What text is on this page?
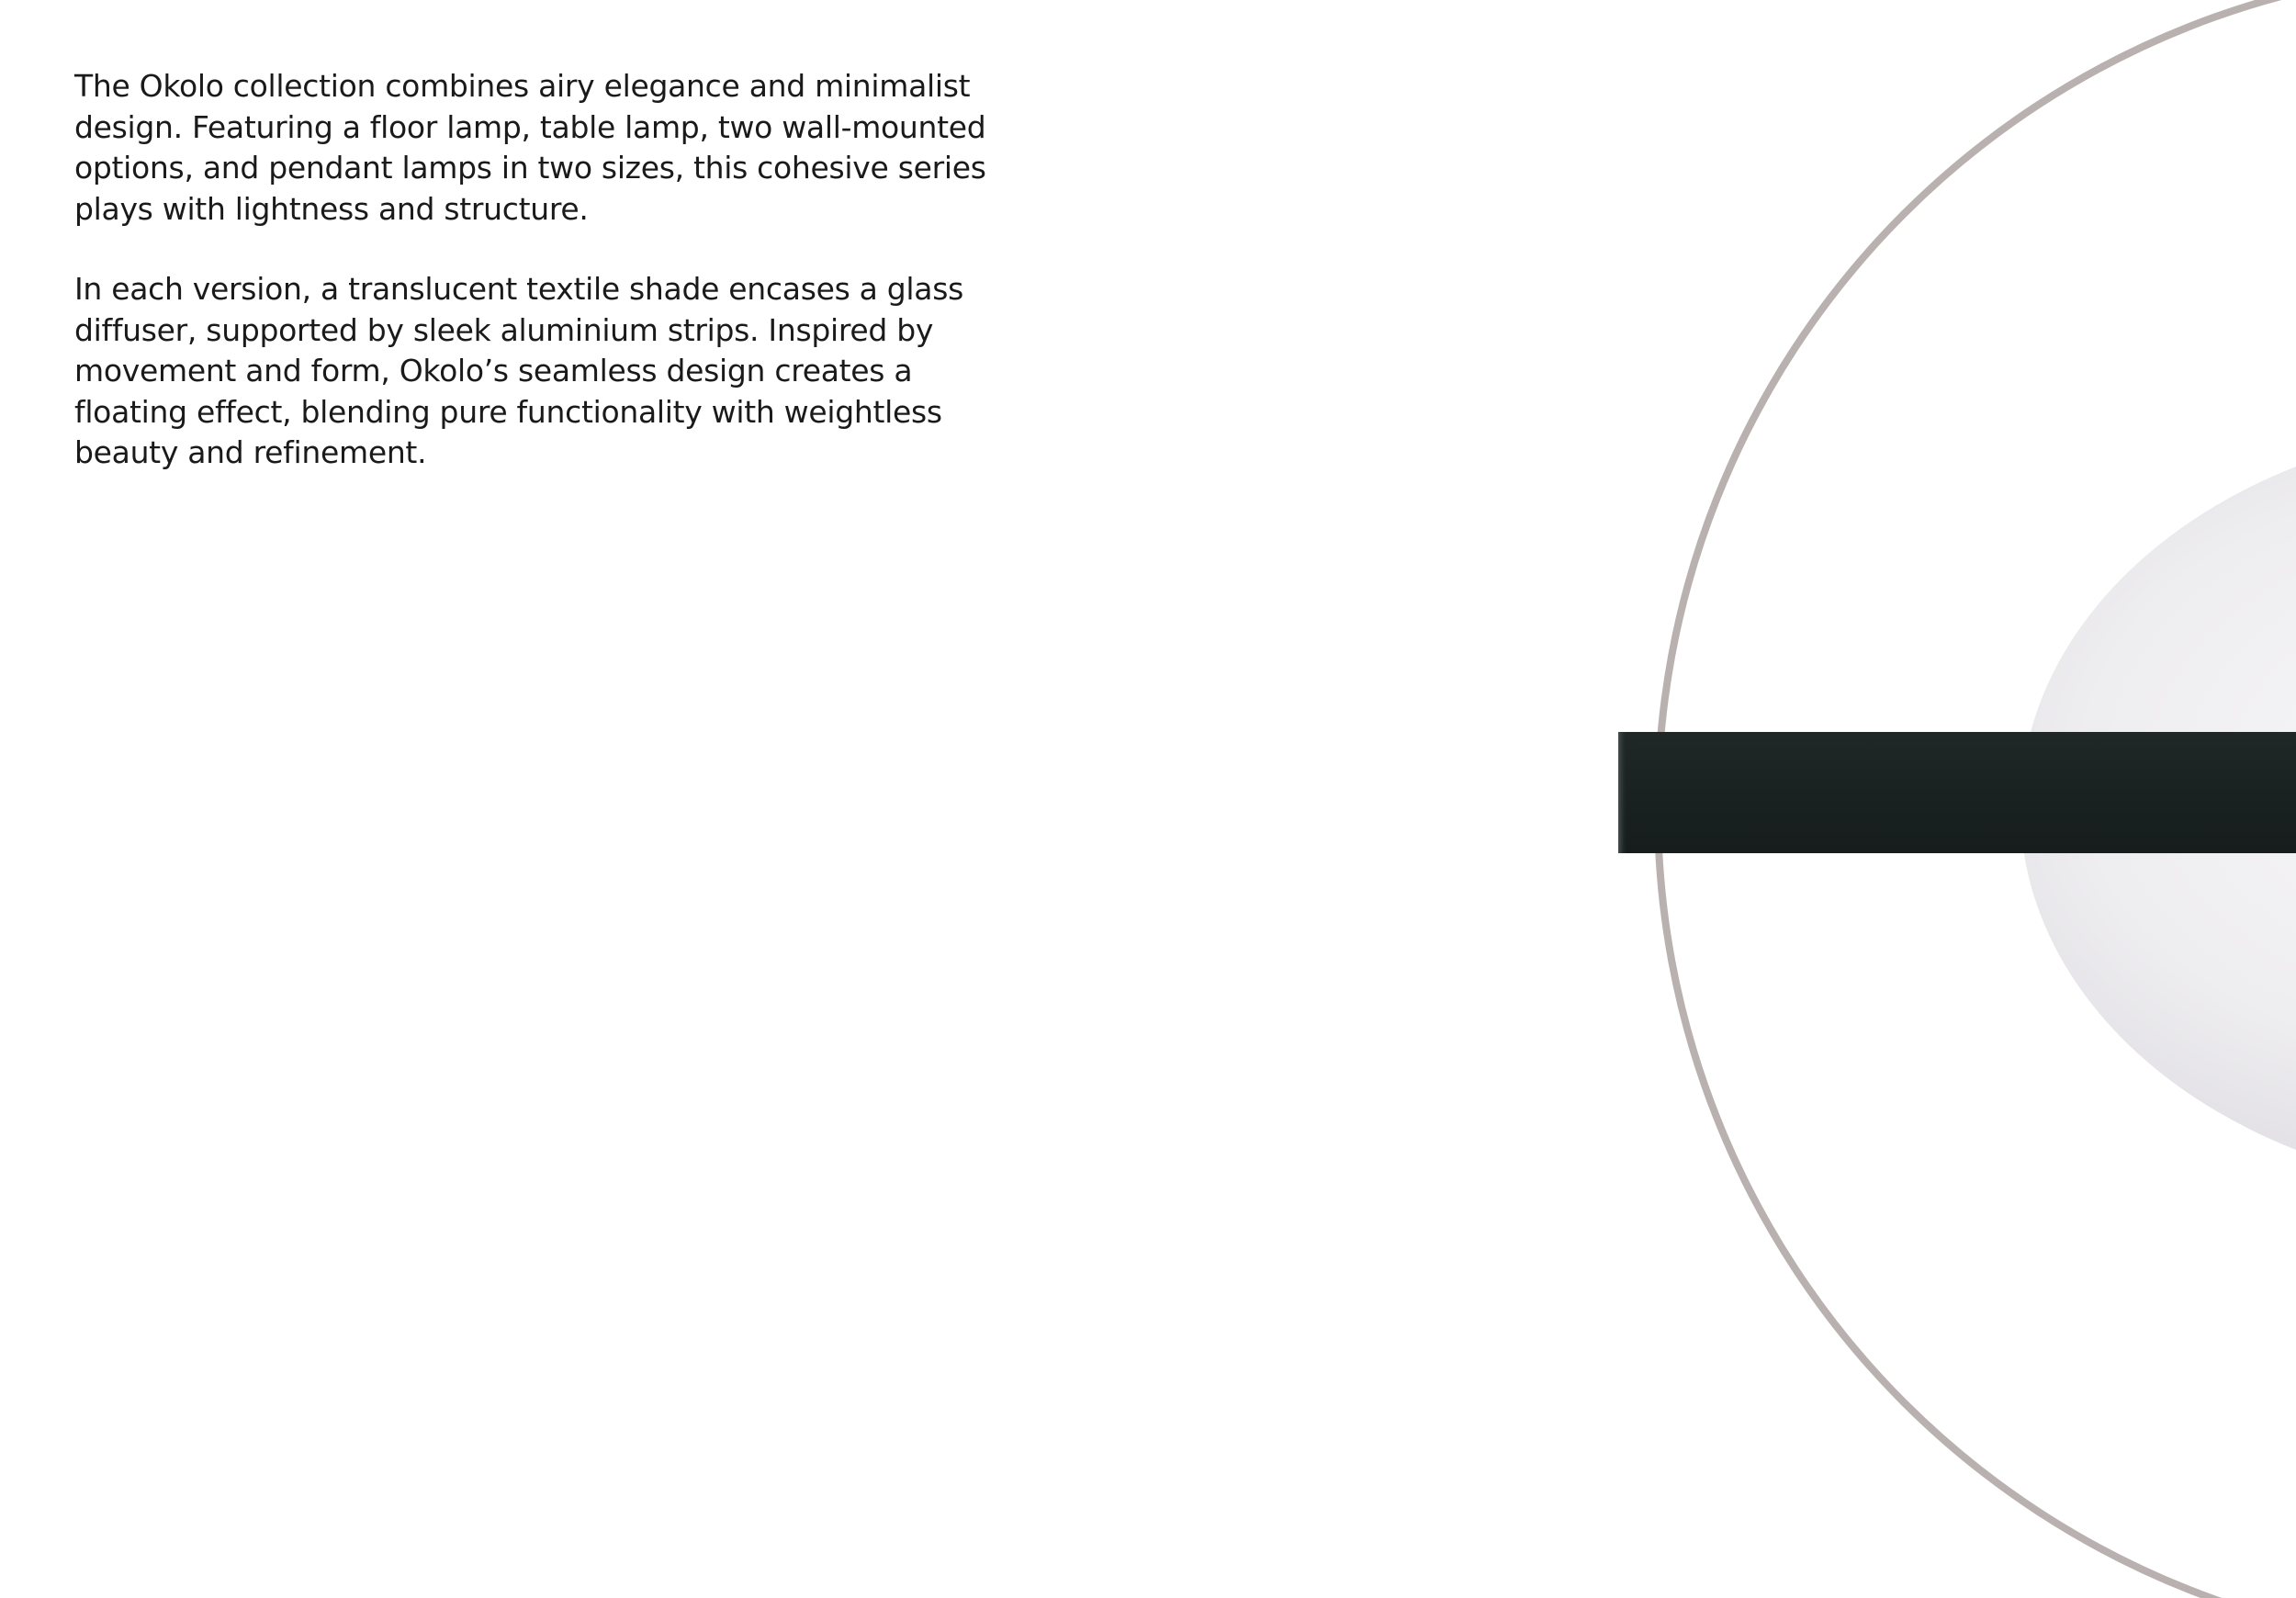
The Okolo collection combines airy elegance and minimalist
design. Featuring a floor lamp, table lamp, two wall-mounted
options, and pendant lamps in two sizes, this cohesive series
plays with lightness and structure.

In each version, a translucent textile shade encases a glass
diffuser, supported by sleek aluminium strips. Inspired by
movement and form, Okolo’s seamless design creates a
floating effect, blending pure functionality with weightless
beauty and refinement.
